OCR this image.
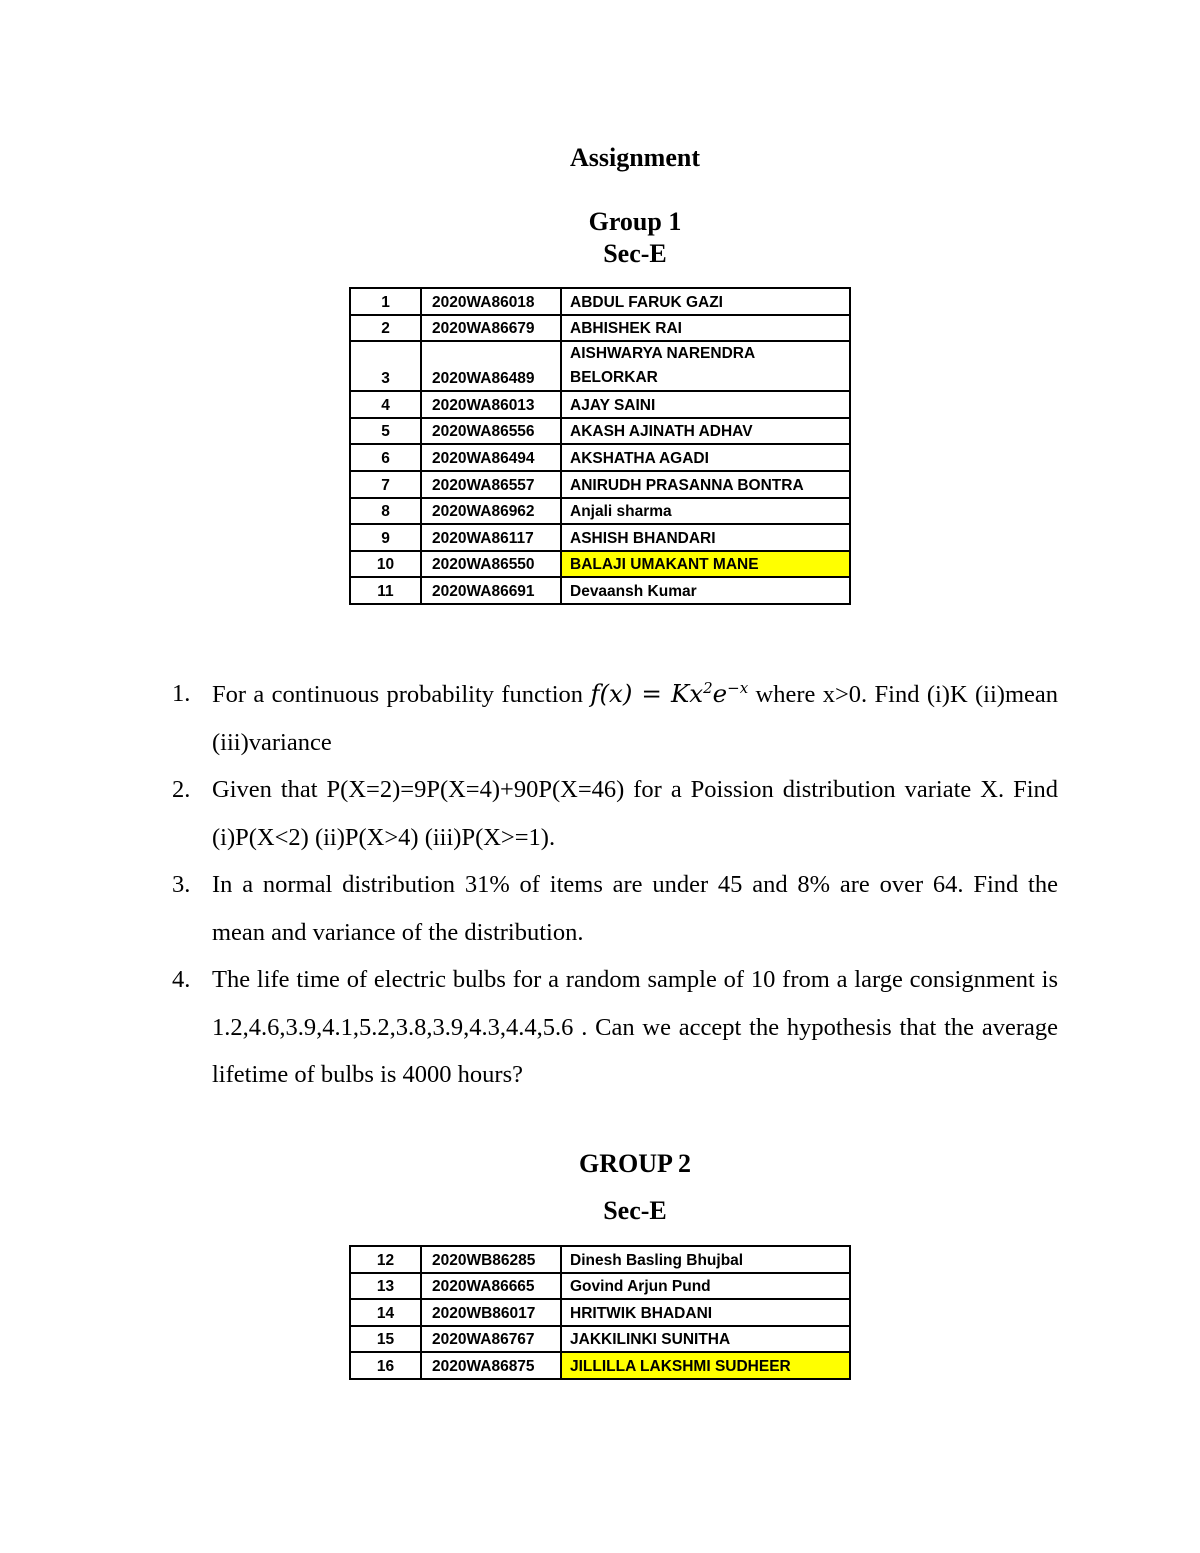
Assignment
Group 1
Sec-E
1	2020WA86018	ABDUL FARUK GAZI
2	2020WA86679	ABHISHEK RAI
3	2020WA86489	AISHWARYA NARENDRA BELORKAR
4	2020WA86013	AJAY SAINI
5	2020WA86556	AKASH AJINATH ADHAV
6	2020WA86494	AKSHATHA AGADI
7	2020WA86557	ANIRUDH PRASANNA BONTRA
8	2020WA86962	Anjali sharma
9	2020WA86117	ASHISH BHANDARI
10	2020WA86550	BALAJI UMAKANT MANE
11	2020WA86691	Devaansh Kumar
1. For a continuous probability function $f(x) = Kx^2e^{-x}$ where x>0. Find (i)K (ii)mean (iii)variance
2. Given that P(X=2)=9P(X=4)+90P(X=46) for a Poission distribution variate X. Find (i)P(X<2) (ii)P(X>4) (iii)P(X>=1).
3. In a normal distribution 31% of items are under 45 and 8% are over 64. Find the mean and variance of the distribution.
4. The life time of electric bulbs for a random sample of 10 from a large consignment is 1.2,4.6,3.9,4.1,5.2,3.8,3.9,4.3,4.4,5.6 . Can we accept the hypothesis that the average lifetime of bulbs is 4000 hours?
GROUP 2
Sec-E
12	2020WB86285	Dinesh Basling Bhujbal
13	2020WA86665	Govind Arjun Pund
14	2020WB86017	HRITWIK BHADANI
15	2020WA86767	JAKKILINKI SUNITHA
16	2020WA86875	JILLILLA LAKSHMI SUDHEER
